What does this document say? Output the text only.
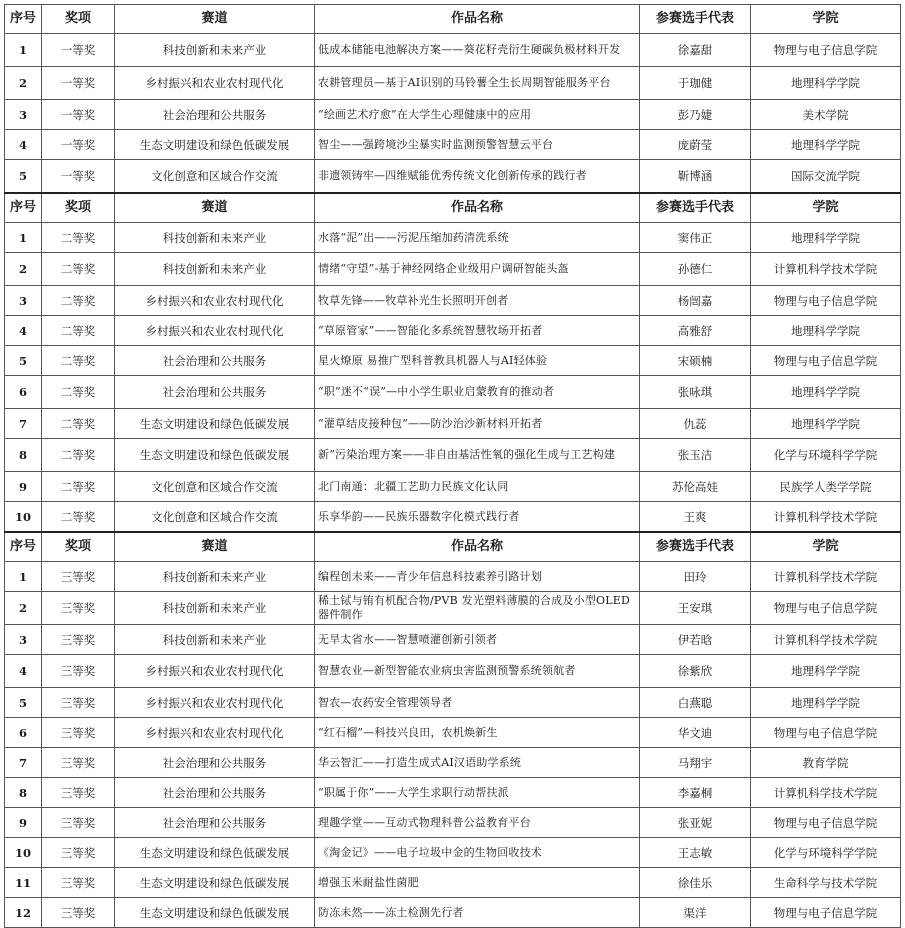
序号	奖项	赛道	作品名称	参赛选手代表	学院
1	一等奖	科技创新和未来产业	低成本储能电池解决方案——葵花籽壳衍生硬碳负极材料开发	徐嘉甜	物理与电子信息学院
2	一等奖	乡村振兴和农业农村现代化	农耕管理员—基于AI识别的马铃薯全生长周期智能服务平台	于珈健	地理科学学院
3	一等奖	社会治理和公共服务	“绘画艺术疗愈”在大学生心理健康中的应用	彭乃婕	美术学院
4	一等奖	生态文明建设和绿色低碳发展	智尘——强跨境沙尘暴实时监测预警智慧云平台	庞蔚莹	地理科学学院
5	一等奖	文化创意和区域合作交流	非遗领铸牢—四维赋能优秀传统文化创新传承的践行者	靳博涵	国际交流学院
序号	奖项	赛道	作品名称	参赛选手代表	学院
1	二等奖	科技创新和未来产业	水落“泥”出——污泥压缩加药清洗系统	窦伟正	地理科学学院
2	二等奖	科技创新和未来产业	情绪“守望”-基于神经网络企业级用户调研智能头盔	孙德仁	计算机科学技术学院
3	二等奖	乡村振兴和农业农村现代化	牧草先锋——牧草补光生长照明开创者	杨闿嘉	物理与电子信息学院
4	二等奖	乡村振兴和农业农村现代化	“草原管家”——智能化多系统智慧牧场开拓者	高雅舒	地理科学学院
5	二等奖	社会治理和公共服务	星火燎原 易推广型科普教具机器人与AI轻体验	宋硕楠	物理与电子信息学院
6	二等奖	社会治理和公共服务	“职”迷不“误”—中小学生职业启蒙教育的推动者	张咏琪	地理科学学院
7	二等奖	生态文明建设和绿色低碳发展	“灌草结皮接种包”——防沙治沙新材料开拓者	仇蕊	地理科学学院
8	二等奖	生态文明建设和绿色低碳发展	新”污染治理方案——非自由基活性氧的强化生成与工艺构建	张玉洁	化学与环境科学学院
9	二等奖	文化创意和区域合作交流	北门南通：北疆工艺助力民族文化认同	苏伦高娃	民族学人类学学院
10	二等奖	文化创意和区域合作交流	乐享华韵——民族乐器数字化模式践行者	王爽	计算机科学技术学院
序号	奖项	赛道	作品名称	参赛选手代表	学院
1	三等奖	科技创新和未来产业	编程创未来——青少年信息科技素养引路计划	田玲	计算机科学技术学院
2	三等奖	科技创新和未来产业	稀土铽与铕有机配合物/PVB 发光塑料薄膜的合成及小型OLED 器件制作	王安琪	物理与电子信息学院
3	三等奖	科技创新和未来产业	无旱太省水——智慧喷灌创新引领者	伊若晗	计算机科学技术学院
4	三等奖	乡村振兴和农业农村现代化	智慧农业—新型智能农业病虫害监测预警系统领航者	徐紫欣	地理科学学院
5	三等奖	乡村振兴和农业农村现代化	智农—农药安全管理领导者	白燕聪	地理科学学院
6	三等奖	乡村振兴和农业农村现代化	“红石榴”—科技兴良田，农机焕新生	华文迪	物理与电子信息学院
7	三等奖	社会治理和公共服务	华云智汇——打造生成式AI汉语助学系统	马翔宇	教育学院
8	三等奖	社会治理和公共服务	“职属于你”——大学生求职行动帮扶派	李嘉桐	计算机科学技术学院
9	三等奖	社会治理和公共服务	理趣学堂——互动式物理科普公益教育平台	张亚妮	物理与电子信息学院
10	三等奖	生态文明建设和绿色低碳发展	《淘金记》——电子垃圾中金的生物回收技术	王志敏	化学与环境科学学院
11	三等奖	生态文明建设和绿色低碳发展	增强玉米耐盐性菌肥	徐佳乐	生命科学与技术学院
12	三等奖	生态文明建设和绿色低碳发展	防冻未然——冻土检测先行者	渠洋	物理与电子信息学院
